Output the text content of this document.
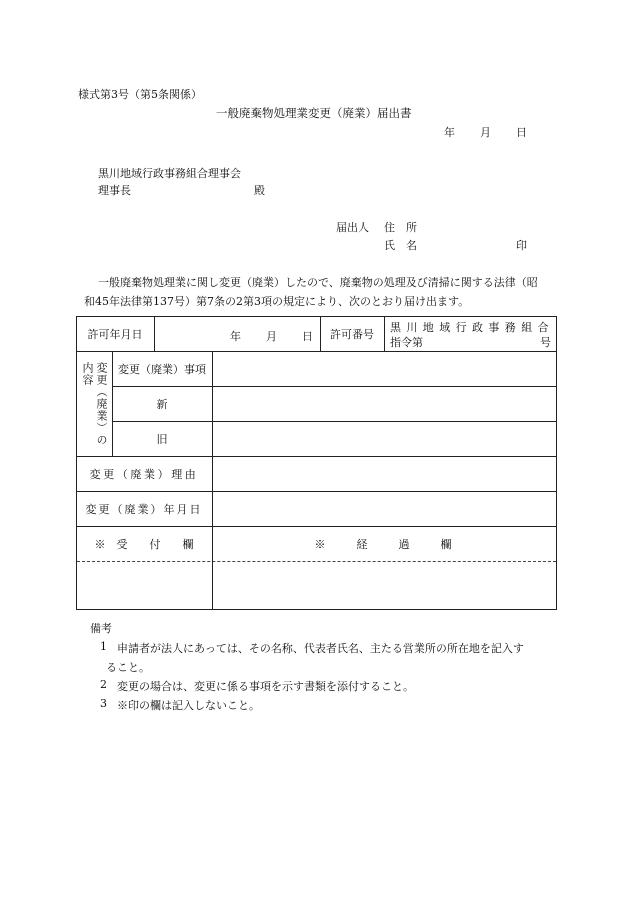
様式第3号（第5条関係）
一般廃棄物処理業変更（廃業）届出書
年 月 日
黒川地域行政事務組合理事会
理事長	殿
届出人 住　所
氏　名	印
一般廃棄物処理業に関し変更（廃業）したので、廃棄物の処理及び清掃に関する法律（昭
和45年法律第137号）第7条の2第3項の規定により、次のとおり届け出ます。
許可年月日	年 月 日	許可番号	黒川地域行政事務組合
指令第	号
変更（廃業）の内容	変更（廃業）事項
新
旧
変更（廃業）理由
変更（廃業）年月日
※　受　　付　　欄	※　　経　　過　　欄
備考
1 申請者が法人にあっては、その名称、代表者氏名、主たる営業所の所在地を記入す
ること。
2 変更の場合は、変更に係る事項を示す書類を添付すること。
3 ※印の欄は記入しないこと。
